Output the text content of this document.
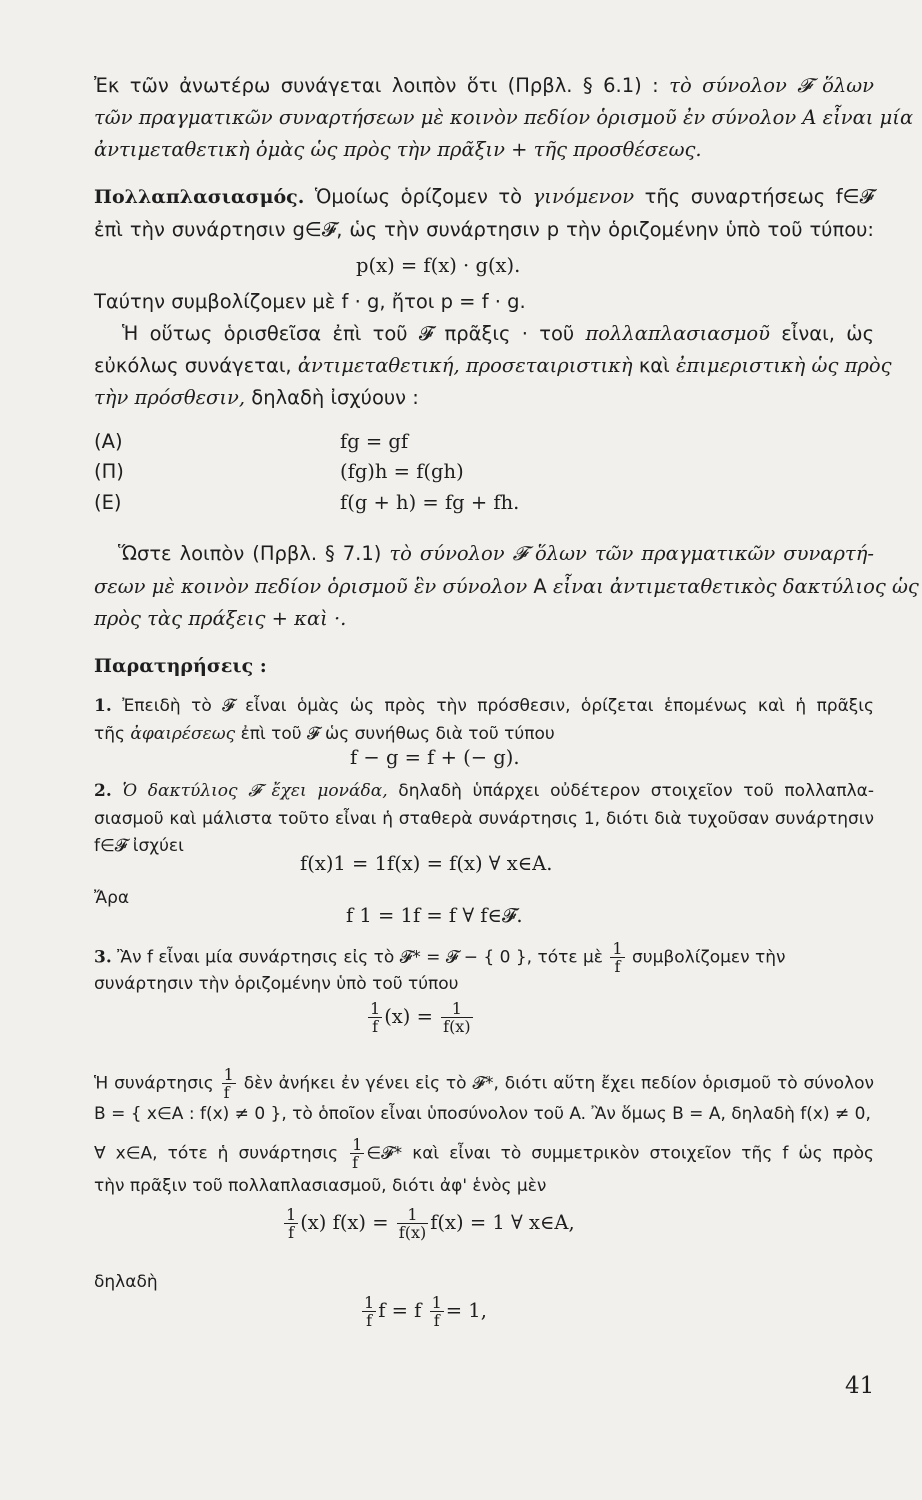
Ἐκ τῶν ἀνωτέρω συνάγεται λοιπὸν ὅτι (Πρβλ. § 6.1) : τὸ σύνολον 𝓕 ὅλων
τῶν πραγματικῶν συναρτήσεων μὲ κοινὸν πεδίον ὁρισμοῦ ἐν σύνολον A εἶναι μία
ἀντιμεταθετικὴ ὁμὰς ὡς πρὸς τὴν πρᾶξιν + τῆς προσθέσεως.
Πολλαπλασιασμός. Ὁμοίως ὁρίζομεν τὸ γινόμενον τῆς συναρτήσεως f∈𝓕
ἐπὶ τὴν συνάρτησιν g∈𝓕, ὡς τὴν συνάρτησιν p τὴν ὁριζομένην ὑπὸ τοῦ τύπου:
p(x) = f(x) · g(x).
Ταύτην συμβολίζομεν μὲ f · g, ἤτοι p = f · g.
Ἡ οὕτως ὁρισθεῖσα ἐπὶ τοῦ 𝓕 πρᾶξις · τοῦ πολλαπλασιασμοῦ εἶναι, ὡς
εὐκόλως συνάγεται, ἀντιμεταθετική, προσεταιριστικὴ καὶ ἐπιμεριστικὴ ὡς πρὸς
τὴν πρόσθεσιν, δηλαδὴ ἰσχύουν :
(A)	fg = gf
(Π)	(fg)h = f(gh)
(E)	f(g + h) = fg + fh.
Ὥστε λοιπὸν (Πρβλ. § 7.1) τὸ σύνολον 𝓕 ὅλων τῶν πραγματικῶν συναρτή-
σεων μὲ κοινὸν πεδίον ὁρισμοῦ ἓν σύνολον A εἶναι ἀντιμεταθετικὸς δακτύλιος ὡς
πρὸς τὰς πράξεις + καὶ ·.
Παρατηρήσεις :
1. Ἐπειδὴ τὸ 𝓕 εἶναι ὁμὰς ὡς πρὸς τὴν πρόσθεσιν, ὁρίζεται ἑπομένως καὶ ἡ πρᾶξις
τῆς ἀφαιρέσεως ἐπὶ τοῦ 𝓕 ὡς συνήθως διὰ τοῦ τύπου
f − g = f + (− g).
2. Ὁ δακτύλιος 𝓕 ἔχει μονάδα, δηλαδὴ ὑπάρχει οὐδέτερον στοιχεῖον τοῦ πολλαπλα-
σιασμοῦ καὶ μάλιστα τοῦτο εἶναι ἡ σταθερὰ συνάρτησις 1, διότι διὰ τυχοῦσαν συνάρτησιν
f∈𝓕 ἰσχύει
f(x)1 = 1f(x) = f(x) ∀ x∈A.
Ἄρα
f 1 = 1f = f ∀ f∈𝓕.
3. Ἂν f εἶναι μία συνάρτησις εἰς τὸ 𝓕* = 𝓕 − { 0 }, τότε μὲ $\frac{1}{f}$ συμβολίζομεν τὴν
συνάρτησιν τὴν ὁριζομένην ὑπὸ τοῦ τύπου
$\frac{1}{f} (x) = \frac{1}{f(x)}$
Ἡ συνάρτησις $\frac{1}{f}$ δὲν ἀνήκει ἐν γένει εἰς τὸ 𝓕*, διότι αὕτη ἔχει πεδίον ὁρισμοῦ τὸ σύνολον
B = { x∈A : f(x) ≠ 0 }, τὸ ὁποῖον εἶναι ὑποσύνολον τοῦ A. Ἂν ὅμως B = A, δηλαδὴ f(x) ≠ 0,
∀ x∈A, τότε ἡ συνάρτησις $\frac{1}{f}$ ∈𝓕* καὶ εἶναι τὸ συμμετρικὸν στοιχεῖον τῆς f ὡς πρὸς
τὴν πρᾶξιν τοῦ πολλαπλασιασμοῦ, διότι ἀφ' ἑνὸς μὲν
$\frac{1}{f} (x) f(x) = \frac{1}{f(x)} f(x) = 1$ ∀ x∈A,
δηλαδὴ
$\frac{1}{f}$ f = f $\frac{1}{f} = 1$,
41
